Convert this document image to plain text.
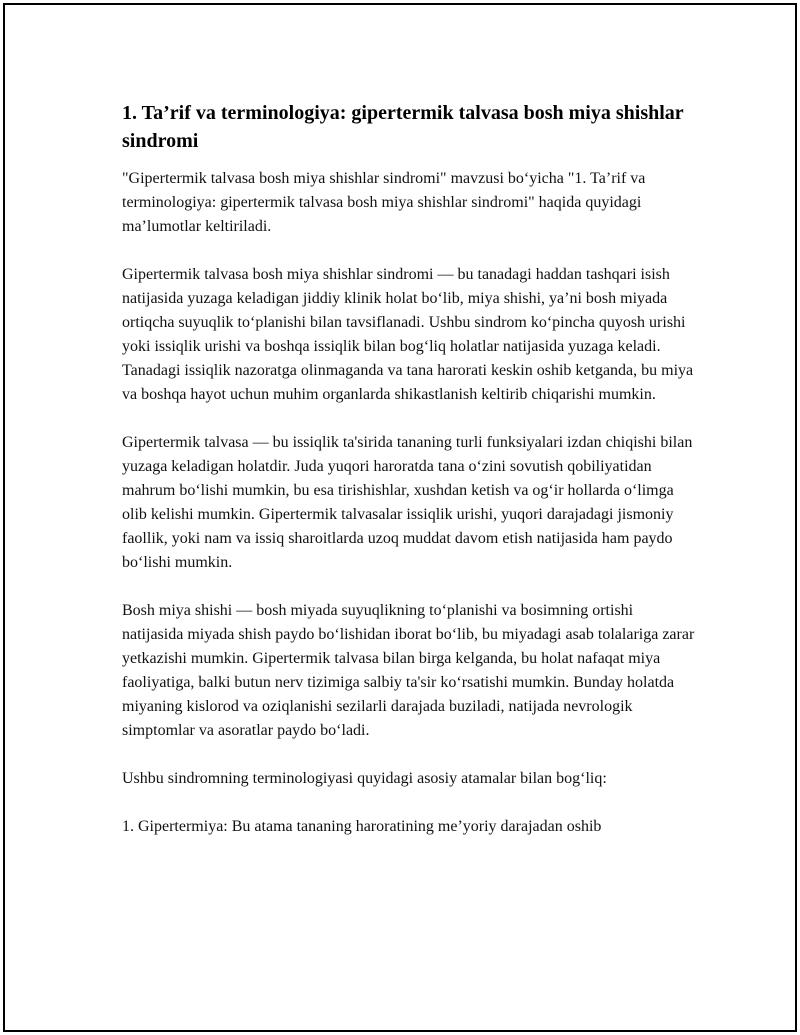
1. Ta’rif va terminologiya: gipertermik talvasa bosh miya shishlar sindromi

"Gipertermik talvasa bosh miya shishlar sindromi" mavzusi bo‘yicha "1. Ta’rif va terminologiya: gipertermik talvasa bosh miya shishlar sindromi" haqida quyidagi ma’lumotlar keltiriladi.

Gipertermik talvasa bosh miya shishlar sindromi — bu tanadagi haddan tashqari isish natijasida yuzaga keladigan jiddiy klinik holat bo‘lib, miya shishi, ya’ni bosh miyada ortiqcha suyuqlik to‘planishi bilan tavsiflanadi. Ushbu sindrom ko‘pincha quyosh urishi yoki issiqlik urishi va boshqa issiqlik bilan bog‘liq holatlar natijasida yuzaga keladi. Tanadagi issiqlik nazoratga olinmaganda va tana harorati keskin oshib ketganda, bu miya va boshqa hayot uchun muhim organlarda shikastlanish keltirib chiqarishi mumkin.

Gipertermik talvasa — bu issiqlik ta'sirida tananing turli funksiyalari izdan chiqishi bilan yuzaga keladigan holatdir. Juda yuqori haroratda tana o‘zini sovutish qobiliyatidan mahrum bo‘lishi mumkin, bu esa tirishishlar, xushdan ketish va og‘ir hollarda o‘limga olib kelishi mumkin. Gipertermik talvasalar issiqlik urishi, yuqori darajadagi jismoniy faollik, yoki nam va issiq sharoitlarda uzoq muddat davom etish natijasida ham paydo bo‘lishi mumkin.

Bosh miya shishi — bosh miyada suyuqlikning to‘planishi va bosimning ortishi natijasida miyada shish paydo bo‘lishidan iborat bo‘lib, bu miyadagi asab tolalariga zarar yetkazishi mumkin. Gipertermik talvasa bilan birga kelganda, bu holat nafaqat miya faoliyatiga, balki butun nerv tizimiga salbiy ta'sir ko‘rsatishi mumkin. Bunday holatda miyaning kislorod va oziqlanishi sezilarli darajada buziladi, natijada nevrologik simptomlar va asoratlar paydo bo‘ladi.

Ushbu sindromning terminologiyasi quyidagi asosiy atamalar bilan bog‘liq:

1. Gipertermiya: Bu atama tananing haroratining me’yoriy darajadan oshib
